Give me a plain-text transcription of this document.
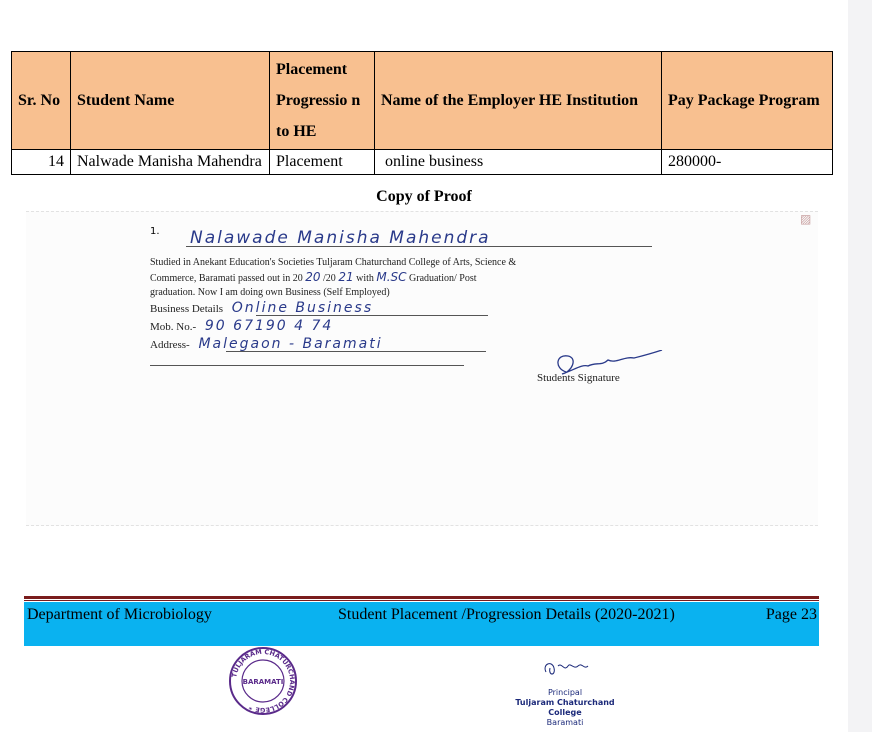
Sr. No	Student Name	Placement Progressio n to HE	Name of the Employer HE Institution	Pay Package Program
14	Nalwade Manisha Mahendra	Placement	online business	280000-
Copy of Proof
1. Nalawade Manisha Mahendra
Studied in Anekant Education's Societies Tuljaram Chaturchand College of Arts, Science &
Commerce, Baramati passed out in 20 20 /20 21 with M.SC Graduation/ Post
graduation. Now I am doing own Business (Self Employed)
Business Details Online Business
Mob. No.- 90 67190 4 74
Address- Malegaon - Baramati
Students Signature
▨
Department of Microbiology	Student Placement /Progression Details (2020-2021)	Page 23
TULJARAM CHATURCHAND COLLEGE *
BARAMATI
Principal
Tuljaram Chaturchand College
Baramati
